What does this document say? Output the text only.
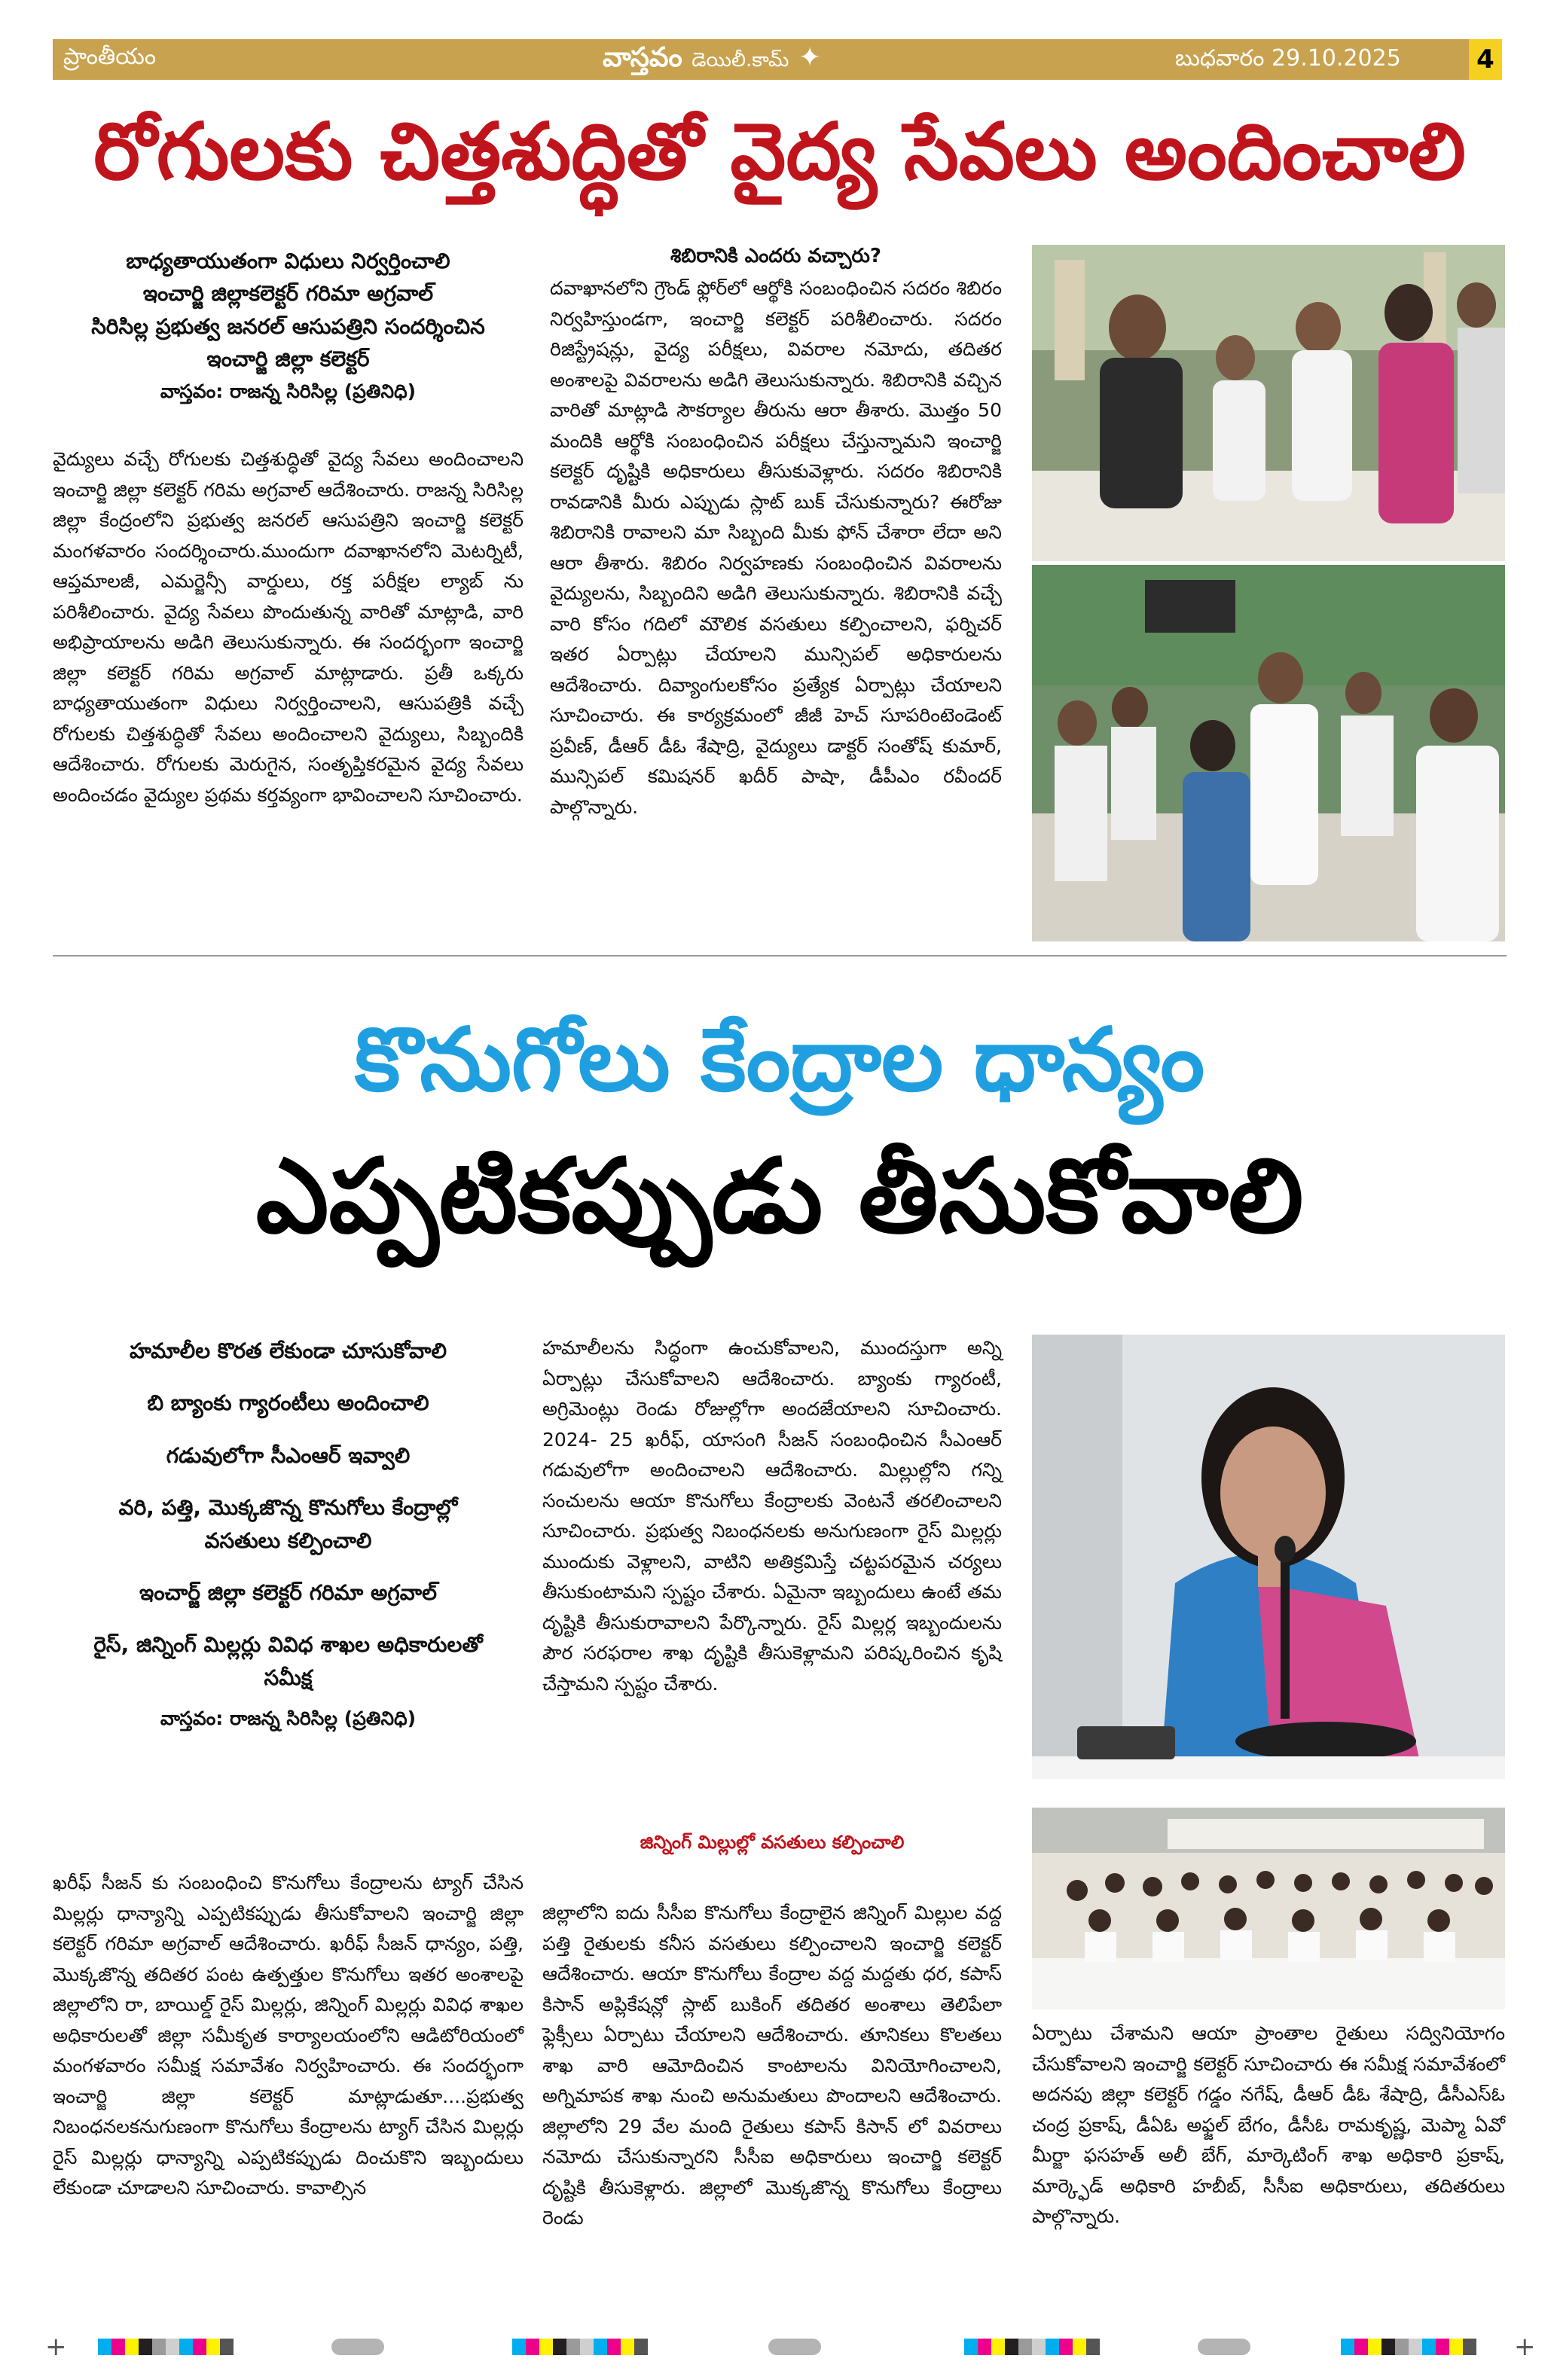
ప్రాంతీయం	వాస్తవం డెయిలీ.కామ్ ✦	బుధవారం 29.10.2025	4
రోగులకు చిత్తశుద్ధితో వైద్య సేవలు అందించాలి
బాధ్యతాయుతంగా విధులు నిర్వర్తించాలి
ఇంచార్జి జిల్లాకలెక్టర్ గరిమా అగ్రవాల్
సిరిసిల్ల ప్రభుత్వ జనరల్ ఆసుపత్రిని సందర్శించిన
ఇంచార్జి జిల్లా కలెక్టర్
వాస్తవం: రాజన్న సిరిసిల్ల (ప్రతినిధి)

వైద్యులు వచ్చే రోగులకు చిత్తశుద్ధితో వైద్య సేవలు అందించాలని ఇంచార్జి జిల్లా కలెక్టర్ గరిమ అగ్రవాల్ ఆదేశించారు. రాజన్న సిరిసిల్ల జిల్లా కేంద్రంలోని ప్రభుత్వ జనరల్ ఆసుపత్రిని ఇంచార్జి కలెక్టర్ మంగళవారం సందర్శించారు.ముందుగా దవాఖానలోని మెటర్నిటీ, ఆప్తమాలజీ, ఎమర్జెన్సీ వార్డులు, రక్త పరీక్షల ల్యాబ్ ను పరిశీలించారు. వైద్య సేవలు పొందుతున్న వారితో మాట్లాడి, వారి అభిప్రాయాలను అడిగి తెలుసుకున్నారు. ఈ సందర్భంగా ఇంచార్జి జిల్లా కలెక్టర్ గరిమ అగ్రవాల్ మాట్లాడారు. ప్రతీ ఒక్కరు బాధ్యతాయుతంగా విధులు నిర్వర్తించాలని, ఆసుపత్రికి వచ్చే రోగులకు చిత్తశుద్ధితో సేవలు అందించాలని వైద్యులు, సిబ్బందికి ఆదేశించారు. రోగులకు మెరుగైన, సంతృప్తికరమైన వైద్య సేవలు అందించడం వైద్యుల ప్రథమ కర్తవ్యంగా భావించాలని సూచించారు.

శిబిరానికి ఎందరు వచ్చారు?

దవాఖానలోని గ్రౌండ్ ఫ్లోర్‌లో ఆర్థోకి సంబంధించిన సదరం శిబిరం నిర్వహిస్తుండగా, ఇంచార్జి కలెక్టర్ పరిశీలించారు. సదరం రిజిస్ట్రేషన్లు, వైద్య పరీక్షలు, వివరాల నమోదు, తదితర అంశాలపై వివరాలను అడిగి తెలుసుకున్నారు. శిబిరానికి వచ్చిన వారితో మాట్లాడి సౌకర్యాల తీరును ఆరా తీశారు. మొత్తం 50 మందికి ఆర్థోకి సంబంధించిన పరీక్షలు చేస్తున్నామని ఇంచార్జి కలెక్టర్ దృష్టికి అధికారులు తీసుకువెళ్లారు. సదరం శిబిరానికి రావడానికి మీరు ఎప్పుడు స్లాట్ బుక్ చేసుకున్నారు? ఈరోజు శిబిరానికి రావాలని మా సిబ్బంది మీకు ఫోన్ చేశారా లేదా అని ఆరా తీశారు. శిబిరం నిర్వహణకు సంబంధించిన వివరాలను వైద్యులను, సిబ్బందిని అడిగి తెలుసుకున్నారు. శిబిరానికి వచ్చే వారి కోసం గదిలో మౌలిక వసతులు కల్పించాలని, ఫర్నిచర్ ఇతర ఏర్పాట్లు చేయాలని మున్సిపల్ అధికారులను ఆదేశించారు. దివ్యాంగులకోసం ప్రత్యేక ఏర్పాట్లు చేయాలని సూచించారు. ఈ కార్యక్రమంలో జీజీ హెచ్ సూపరింటెండెంట్ ప్రవీణ్, డీఆర్ డీఓ శేషాద్రి, వైద్యులు డాక్టర్ సంతోష్ కుమార్, మున్సిపల్ కమిషనర్ ఖదీర్ పాషా, డీపీఎం రవీందర్ పాల్గొన్నారు.

కొనుగోలు కేంద్రాల ధాన్యం
ఎప్పటికప్పుడు తీసుకోవాలి
హమాలీల కొరత లేకుండా చూసుకోవాలి
బి బ్యాంకు గ్యారంటీలు అందించాలి
గడువులోగా సీఎంఆర్ ఇవ్వాలి
వరి, పత్తి, మొక్కజొన్న కొనుగోలు కేంద్రాల్లో
వసతులు కల్పించాలి
ఇంచార్జ్ జిల్లా కలెక్టర్ గరిమా అగ్రవాల్
రైస్, జిన్నింగ్ మిల్లర్లు వివిధ శాఖల అధికారులతో
సమీక్ష
వాస్తవం: రాజన్న సిరిసిల్ల (ప్రతినిధి)

ఖరీఫ్ సీజన్ కు సంబంధించి కొనుగోలు కేంద్రాలను ట్యాగ్ చేసిన మిల్లర్లు ధాన్యాన్ని ఎప్పటికప్పుడు తీసుకోవాలని ఇంచార్జి జిల్లా కలెక్టర్ గరిమా అగ్రవాల్ ఆదేశించారు. ఖరీఫ్ సీజన్ ధాన్యం, పత్తి, మొక్కజొన్న తదితర పంట ఉత్పత్తుల కొనుగోలు ఇతర అంశాలపై జిల్లాలోని రా, బాయిల్డ్ రైస్ మిల్లర్లు, జిన్నింగ్ మిల్లర్లు వివిధ శాఖల అధికారులతో జిల్లా సమీకృత కార్యాలయంలోని ఆడిటోరియంలో మంగళవారం సమీక్ష సమావేశం నిర్వహించారు. ఈ సందర్భంగా ఇంచార్జి జిల్లా కలెక్టర్ మాట్లాడుతూ....ప్రభుత్వ నిబంధనలకనుగుణంగా కొనుగోలు కేంద్రాలను ట్యాగ్ చేసిన మిల్లర్లు రైస్ మిల్లర్లు ధాన్యాన్ని ఎప్పటికప్పుడు దించుకొని ఇబ్బందులు లేకుండా చూడాలని సూచించారు. కావాల్సిన

హమాలీలను సిద్ధంగా ఉంచుకోవాలని, ముందస్తుగా అన్ని ఏర్పాట్లు చేసుకోవాలని ఆదేశించారు. బ్యాంకు గ్యారంటీ, అగ్రిమెంట్లు రెండు రోజుల్లోగా అందజేయాలని సూచించారు. 2024- 25 ఖరీఫ్, యాసంగి సీజన్ సంబంధించిన సీఎంఆర్ గడువులోగా అందించాలని ఆదేశించారు. మిల్లుల్లోని గన్ని సంచులను ఆయా కొనుగోలు కేంద్రాలకు వెంటనే తరలించాలని సూచించారు. ప్రభుత్వ నిబంధనలకు అనుగుణంగా రైస్ మిల్లర్లు ముందుకు వెళ్లాలని, వాటిని అతిక్రమిస్తే చట్టపరమైన చర్యలు తీసుకుంటామని స్పష్టం చేశారు. ఏమైనా ఇబ్బందులు ఉంటే తమ దృష్టికి తీసుకురావాలని పేర్కొన్నారు. రైస్ మిల్లర్ల ఇబ్బందులను పౌర సరఫరాల శాఖ దృష్టికి తీసుకెళ్లామని పరిష్కరించిన కృషి చేస్తామని స్పష్టం చేశారు.

జిన్నింగ్ మిల్లుల్లో వసతులు కల్పించాలి

జిల్లాలోని ఐదు సీసీఐ కొనుగోలు కేంద్రాలైన జిన్నింగ్ మిల్లుల వద్ద పత్తి రైతులకు కనీస వసతులు కల్పించాలని ఇంచార్జి కలెక్టర్ ఆదేశించారు. ఆయా కొనుగోలు కేంద్రాల వద్ద మద్దతు ధర, కపాస్ కిసాన్ అప్లికేషన్లో స్లాట్ బుకింగ్ తదితర అంశాలు తెలిపేలా ఫ్లెక్సీలు ఏర్పాటు చేయాలని ఆదేశించారు. తూనికలు కొలతలు శాఖ వారి ఆమోదించిన కాంటాలను వినియోగించాలని, అగ్నిమాపక శాఖ నుంచి అనుమతులు పొందాలని ఆదేశించారు. జిల్లాలోని 29 వేల మంది రైతులు కపాస్ కిసాన్ లో వివరాలు నమోదు చేసుకున్నారని సీసీఐ అధికారులు ఇంచార్జి కలెక్టర్ దృష్టికి తీసుకెళ్లారు. జిల్లాలో మొక్కజొన్న కొనుగోలు కేంద్రాలు రెండు

ఏర్పాటు చేశామని ఆయా ప్రాంతాల రైతులు సద్వినియోగం చేసుకోవాలని ఇంచార్జి కలెక్టర్ సూచించారు ఈ సమీక్ష సమావేశంలో అదనపు జిల్లా కలెక్టర్ గడ్డం నగేష్, డీఆర్ డీఓ శేషాద్రి, డీసీఎస్ఓ చంద్ర ప్రకాష్, డీఏఓ అఫ్జల్ బేగం, డీసీఓ రామకృష్ణ, మెప్మా ఏవో మీర్జా ఫసహత్ అలీ బేగ్, మార్కెటింగ్ శాఖ అధికారి ప్రకాష్, మార్క్ఫెడ్ అధికారి హబీబ్, సీసీఐ అధికారులు, తదితరులు పాల్గొన్నారు.

+	+
